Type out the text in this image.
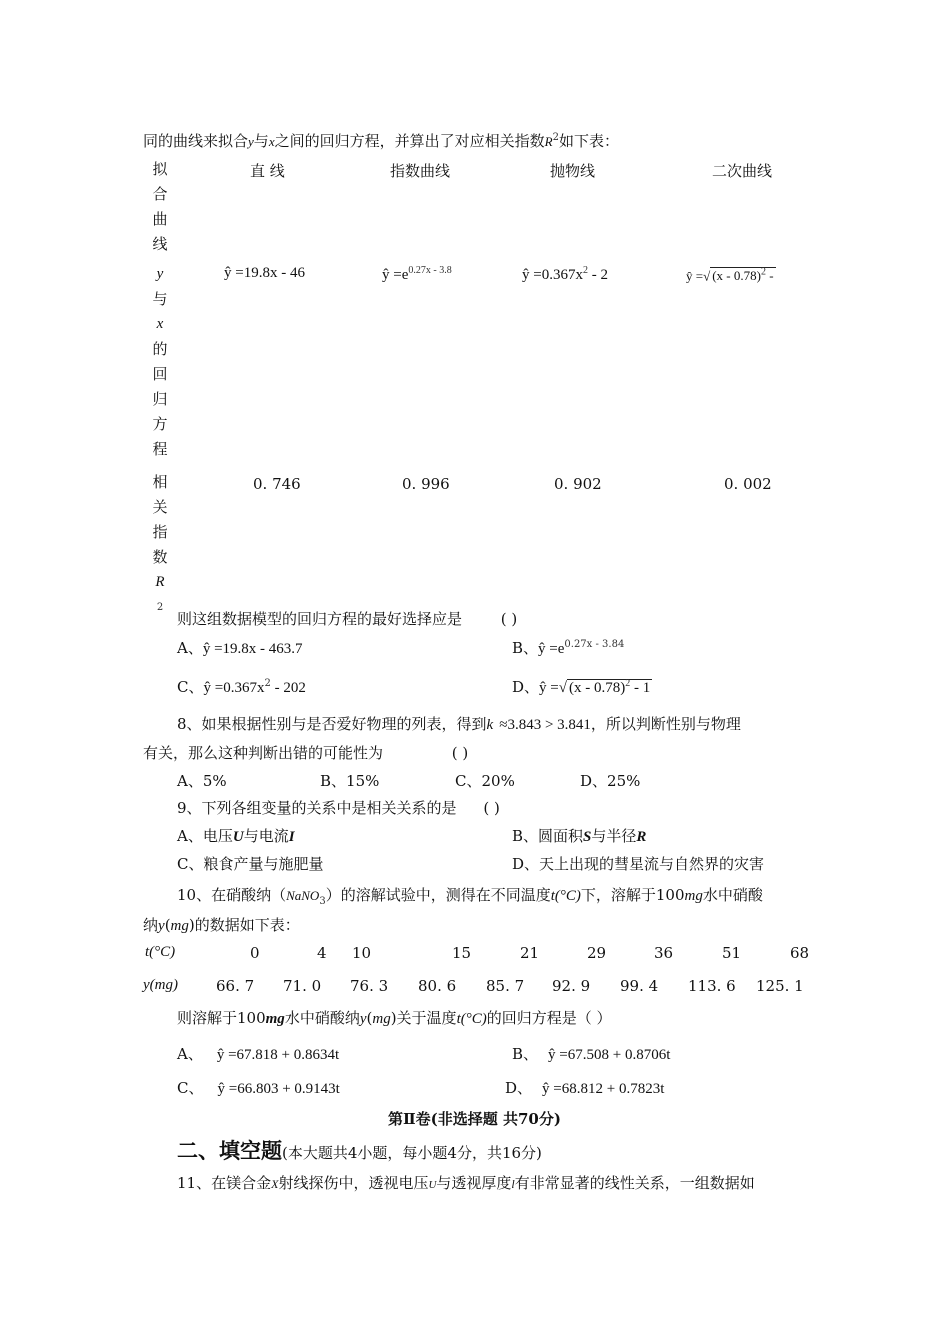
同的曲线来拟合y与x之间的回归方程，并算出了对应相关指数$R^2$如下表：
拟
合
曲
线
直 线	指数曲线	抛物线	二次曲线
y
与
x
的
回
归
方
程
ŷ =19.8x - 46	ŷ $=e^{0.27x - 3.8}$	ŷ $=0.367x^2 - 2$	ŷ =√ (x - 0.78)$^2$ -
相
关
指
数
R
$^2$
0. 746	0. 996	0. 902	0. 002
则这组数据模型的回归方程的最好选择应是	( )
A、ŷ =19.8x - 463.7	B、ŷ $=e^{0.27x - 3.84}$
C、ŷ $=0.367x^2 - 202$	D、ŷ =√ (x - 0.78)$^2$ - 1
8、如果根据性别与是否爱好物理的列表，得到k ≈3.843 > 3.841，所以判断性别与物理
有关，那么这种判断出错的可能性为	( )
A、5%	B、15%	C、20%	D、25%
9、下列各组变量的关系中是相关关系的是 ( )
A、电压U与电流I	B、圆面积S与半径R
C、粮食产量与施肥量	D、天上出现的彗星流与自然界的灾害
10、在硝酸纳（NaNO$_3$）的溶解试验中，测得在不同温度t(°C)下，溶解于100mg水中硝酸
纳y(mg)的数据如下表：
t(°C)	0	4 10	15	21	29	36	51	68
y(mg)	66. 7 71. 0 76. 3 80. 6 85. 7 92. 9 99. 4 113. 6 125. 1
则溶解于100mg水中硝酸纳y(mg)关于温度t(°C)的回归方程是（ ）
A、 ŷ =67.818 + 0.8634t	B、 ŷ =67.508 + 0.8706t
C、 ŷ =66.803 + 0.9143t	D、 ŷ =68.812 + 0.7823t
第Ⅱ卷(非选择题 共70分)
二、填空题(本大题共4小题，每小题4分，共16分)
11、在镁合金X射线探伤中，透视电压U与透视厚度l有非常显著的线性关系，一组数据如
